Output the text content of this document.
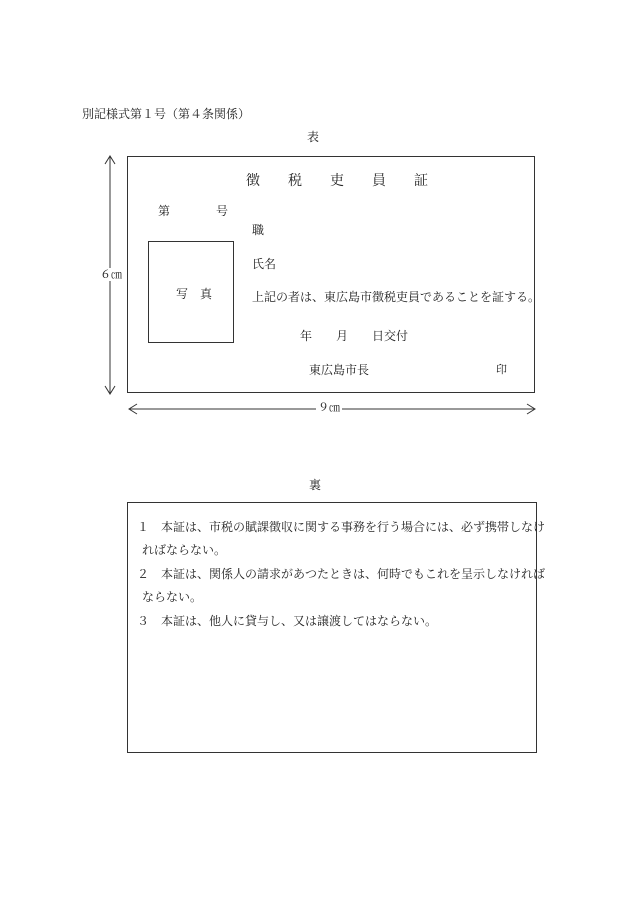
別記様式第１号（第４条関係）
表
６㎝
徴 税 吏 員 証
第	号
職
写　真
氏名
上記の者は、東広島市徴税吏員であることを証する。
年　　月　　日交付
東広島市長	印
９㎝
裏
１　本証は、市税の賦課徴収に関する事務を行う場合には、必ず携帯しなけ
ればならない。
２　本証は、関係人の請求があつたときは、何時でもこれを呈示しなければ
ならない。
３　本証は、他人に貸与し、又は譲渡してはならない。
